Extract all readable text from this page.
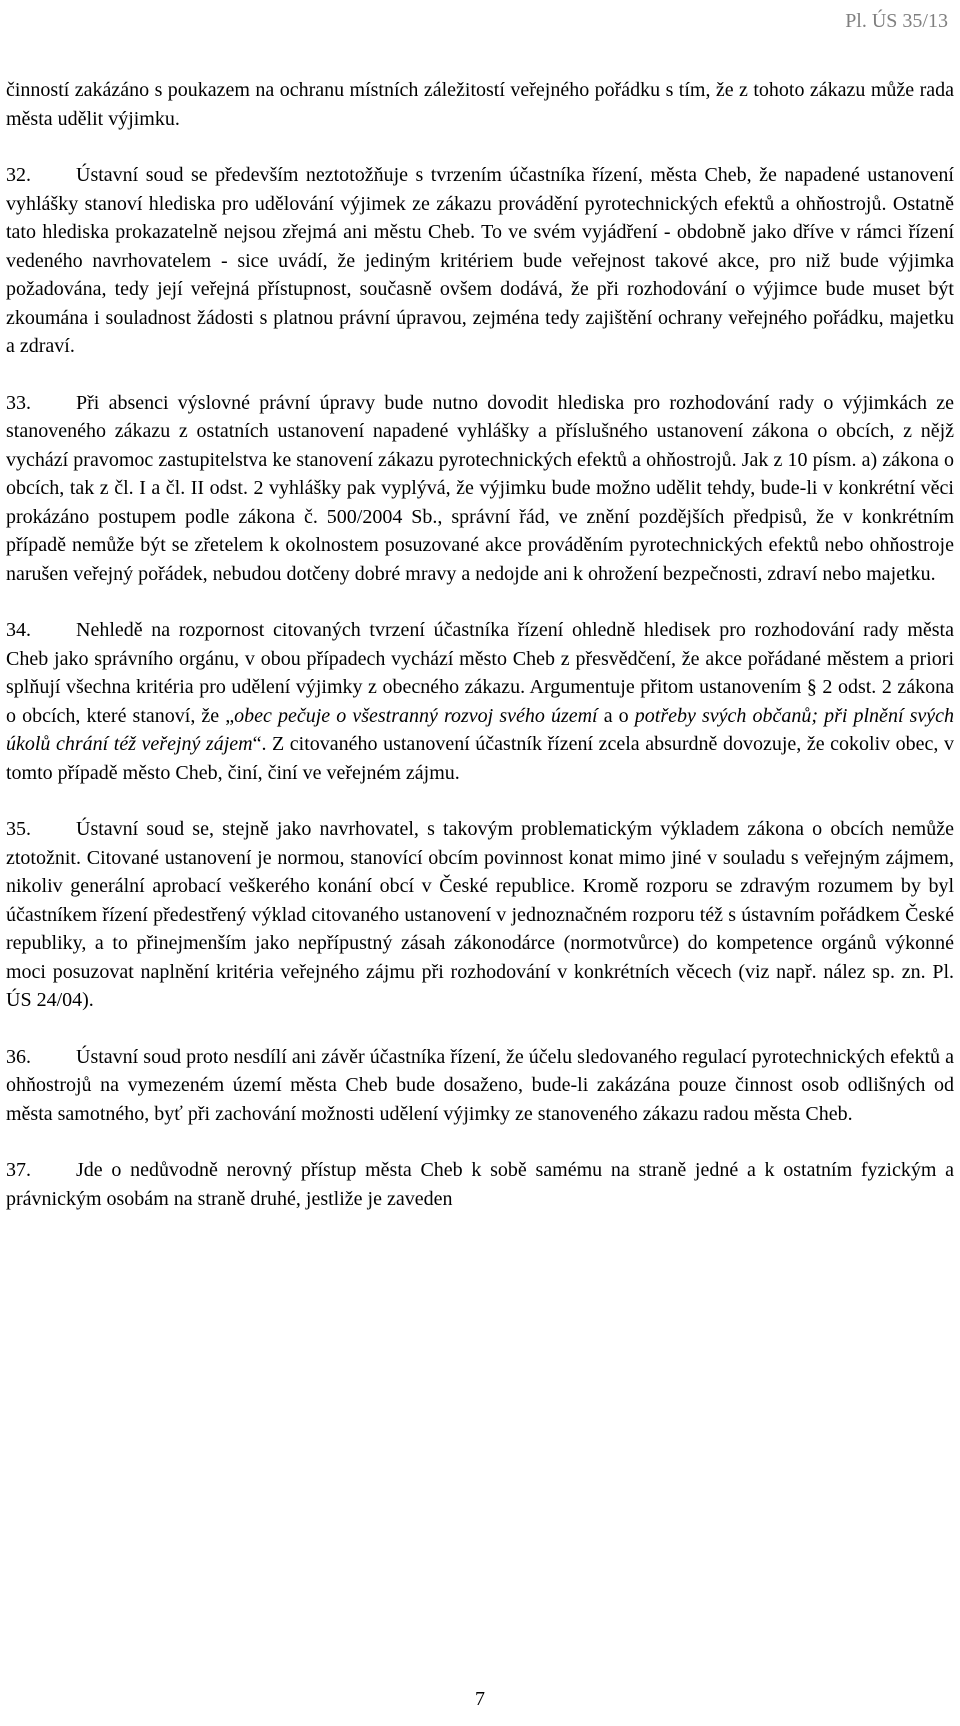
Pl. ÚS 35/13

činností zakázáno s poukazem na ochranu místních záležitostí veřejného pořádku s tím, že z tohoto zákazu může rada města udělit výjimku.

32. Ústavní soud se především neztotožňuje s tvrzením účastníka řízení, města Cheb, že napadené ustanovení vyhlášky stanoví hlediska pro udělování výjimek ze zákazu provádění pyrotechnických efektů a ohňostrojů. Ostatně tato hlediska prokazatelně nejsou zřejmá ani městu Cheb. To ve svém vyjádření - obdobně jako dříve v rámci řízení vedeného navrhovatelem - sice uvádí, že jediným kritériem bude veřejnost takové akce, pro niž bude výjimka požadována, tedy její veřejná přístupnost, současně ovšem dodává, že při rozhodování o výjimce bude muset být zkoumána i souladnost žádosti s platnou právní úpravou, zejména tedy zajištění ochrany veřejného pořádku, majetku a zdraví.

33. Při absenci výslovné právní úpravy bude nutno dovodit hlediska pro rozhodování rady o výjimkách ze stanoveného zákazu z ostatních ustanovení napadené vyhlášky a příslušného ustanovení zákona o obcích, z nějž vychází pravomoc zastupitelstva ke stanovení zákazu pyrotechnických efektů a ohňostrojů. Jak z 10 písm. a) zákona o obcích, tak z čl. I a čl. II odst. 2 vyhlášky pak vyplývá, že výjimku bude možno udělit tehdy, bude-li v konkrétní věci prokázáno postupem podle zákona č. 500/2004 Sb., správní řád, ve znění pozdějších předpisů, že v konkrétním případě nemůže být se zřetelem k okolnostem posuzované akce prováděním pyrotechnických efektů nebo ohňostroje narušen veřejný pořádek, nebudou dotčeny dobré mravy a nedojde ani k ohrožení bezpečnosti, zdraví nebo majetku.

34. Nehledě na rozpornost citovaných tvrzení účastníka řízení ohledně hledisek pro rozhodování rady města Cheb jako správního orgánu, v obou případech vychází město Cheb z přesvědčení, že akce pořádané městem a priori splňují všechna kritéria pro udělení výjimky z obecného zákazu. Argumentuje přitom ustanovením § 2 odst. 2 zákona o obcích, které stanoví, že „obec pečuje o všestranný rozvoj svého území a o potřeby svých občanů; při plnění svých úkolů chrání též veřejný zájem“. Z citovaného ustanovení účastník řízení zcela absurdně dovozuje, že cokoliv obec, v tomto případě město Cheb, činí, činí ve veřejném zájmu.

35. Ústavní soud se, stejně jako navrhovatel, s takovým problematickým výkladem zákona o obcích nemůže ztotožnit. Citované ustanovení je normou, stanovící obcím povinnost konat mimo jiné v souladu s veřejným zájmem, nikoliv generální aprobací veškerého konání obcí v České republice. Kromě rozporu se zdravým rozumem by byl účastníkem řízení předestřený výklad citovaného ustanovení v jednoznačném rozporu též s ústavním pořádkem České republiky, a to přinejmenším jako nepřípustný zásah zákonodárce (normotvůrce) do kompetence orgánů výkonné moci posuzovat naplnění kritéria veřejného zájmu při rozhodování v konkrétních věcech (viz např. nález sp. zn. Pl. ÚS 24/04).

36. Ústavní soud proto nesdílí ani závěr účastníka řízení, že účelu sledovaného regulací pyrotechnických efektů a ohňostrojů na vymezeném území města Cheb bude dosaženo, bude-li zakázána pouze činnost osob odlišných od města samotného, byť při zachování možnosti udělení výjimky ze stanoveného zákazu radou města Cheb.

37. Jde o nedůvodně nerovný přístup města Cheb k sobě samému na straně jedné a k ostatním fyzickým a právnickým osobám na straně druhé, jestliže je zaveden

7
